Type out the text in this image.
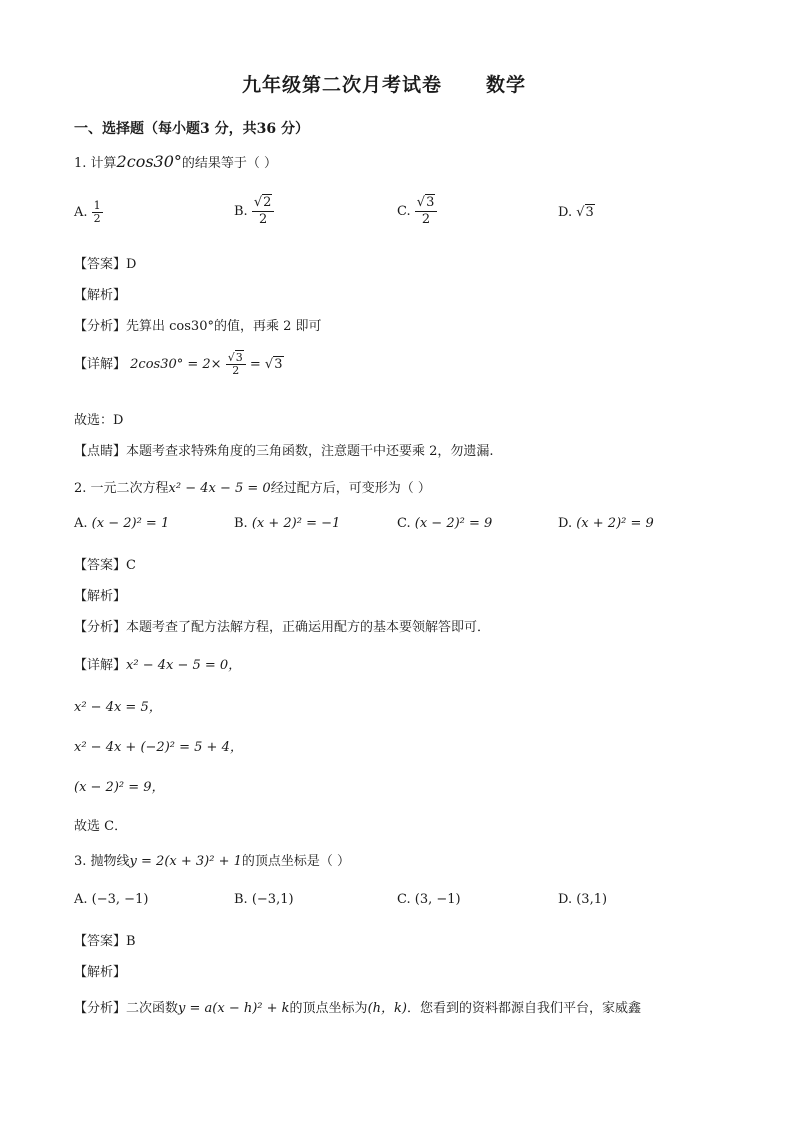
九年级第二次月考试卷 数学
一、选择题（每小题3 分，共36 分）
1. 计算2cos30°的结果等于（ ）
A. $\frac{1}{2}$	B. $\frac{√2}{2}$	C. $\frac{√3}{2}$	D. √3
【答案】D
【解析】
【分析】先算出 cos30°的值，再乘 2 即可
【详解】 $2\cos 30^\circ = 2\times \frac{√3}{2} = √3$
故选：D
【点睛】本题考查求特殊角度的三角函数，注意题干中还要乘 2，勿遗漏.
2. 一元二次方程x² − 4x − 5 = 0经过配方后，可变形为（ ）
A. (x − 2)² = 1	B. (x + 2)² = −1	C. (x − 2)² = 9	D. (x + 2)² = 9
【答案】C
【解析】
【分析】本题考查了配方法解方程，正确运用配方的基本要领解答即可．
【详解】x² − 4x − 5 = 0，
x² − 4x = 5，
x² − 4x + (−2)² = 5 + 4，
(x − 2)² = 9，
故选 C．
3. 抛物线y = 2(x + 3)² + 1的顶点坐标是（ ）
A. (−3, −1)	B. (−3,1)	C. (3, −1)	D. (3,1)
【答案】B
【解析】
【分析】二次函数y = a(x − h)² + k的顶点坐标为(h，k)．您看到的资料都源自我们平台，家威鑫
